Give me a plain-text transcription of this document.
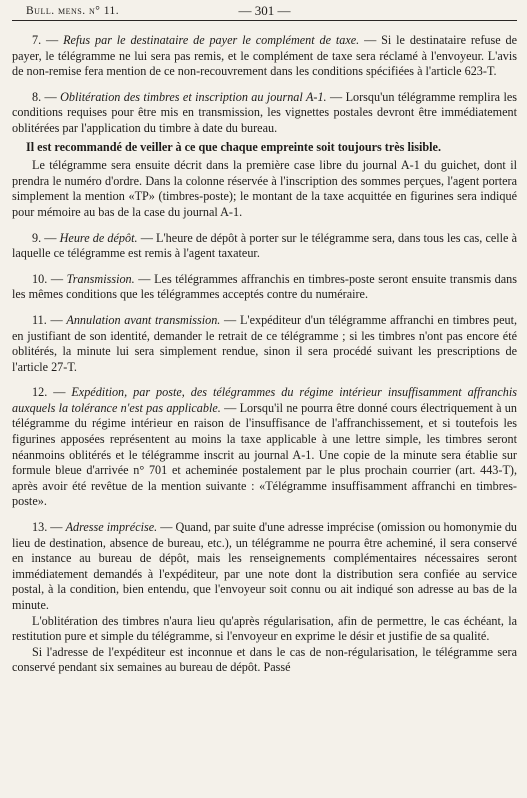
Bull. mens. n° 11.	— 301 —

7. — Refus par le destinataire de payer le complément de taxe. — Si le destinataire refuse de payer, le télégramme ne lui sera pas remis, et le complément de taxe sera réclamé à l'envoyeur. L'avis de non-remise fera mention de ce non-recouvrement dans les conditions spécifiées à l'article 623-T.

8. — Oblitération des timbres et inscription au journal A-1. — Lorsqu'un télégramme remplira les conditions requises pour être mis en transmission, les vignettes postales devront être immédiatement oblitérées par l'application du timbre à date du bureau.

Il est recommandé de veiller à ce que chaque empreinte soit toujours très lisible.

Le télégramme sera ensuite décrit dans la première case libre du journal A-1 du guichet, dont il prendra le numéro d'ordre. Dans la colonne réservée à l'inscription des sommes perçues, l'agent portera simplement la mention «TP» (timbres-poste); le montant de la taxe acquittée en figurines sera indiqué pour mémoire au bas de la case du journal A-1.

9. — Heure de dépôt. — L'heure de dépôt à porter sur le télégramme sera, dans tous les cas, celle à laquelle ce télégramme est remis à l'agent taxateur.

10. — Transmission. — Les télégrammes affranchis en timbres-poste seront ensuite transmis dans les mêmes conditions que les télégrammes acceptés contre du numéraire.

11. — Annulation avant transmission. — L'expéditeur d'un télégramme affranchi en timbres peut, en justifiant de son identité, demander le retrait de ce télégramme ; si les timbres n'ont pas encore été oblitérés, la minute lui sera simplement rendue, sinon il sera procédé suivant les prescriptions de l'article 27-T.

12. — Expédition, par poste, des télégrammes du régime intérieur insuffisamment affranchis auxquels la tolérance n'est pas applicable. — Lorsqu'il ne pourra être donné cours électriquement à un télégramme du régime intérieur en raison de l'insuffisance de l'affranchissement, et si toutefois les figurines apposées représentent au moins la taxe applicable à une lettre simple, les timbres seront néanmoins oblitérés et le télégramme inscrit au journal A-1. Une copie de la minute sera établie sur formule bleue d'arrivée n° 701 et acheminée postalement par le plus prochain courrier (art. 443-T), après avoir été revêtue de la mention suivante : «Télégramme insuffisamment affranchi en timbres-poste».

13. — Adresse imprécise. — Quand, par suite d'une adresse imprécise (omission ou homonymie du lieu de destination, absence de bureau, etc.), un télégramme ne pourra être acheminé, il sera conservé en instance au bureau de dépôt, mais les renseignements complémentaires nécessaires seront immédiatement demandés à l'expéditeur, par une note dont la distribution sera confiée au service postal, à la condition, bien entendu, que l'envoyeur soit connu ou ait indiqué son adresse au bas de la minute.

L'oblitération des timbres n'aura lieu qu'après régularisation, afin de permettre, le cas échéant, la restitution pure et simple du télégramme, si l'envoyeur en exprime le désir et justifie de sa qualité.

Si l'adresse de l'expéditeur est inconnue et dans le cas de non-régularisation, le télégramme sera conservé pendant six semaines au bureau de dépôt. Passé
